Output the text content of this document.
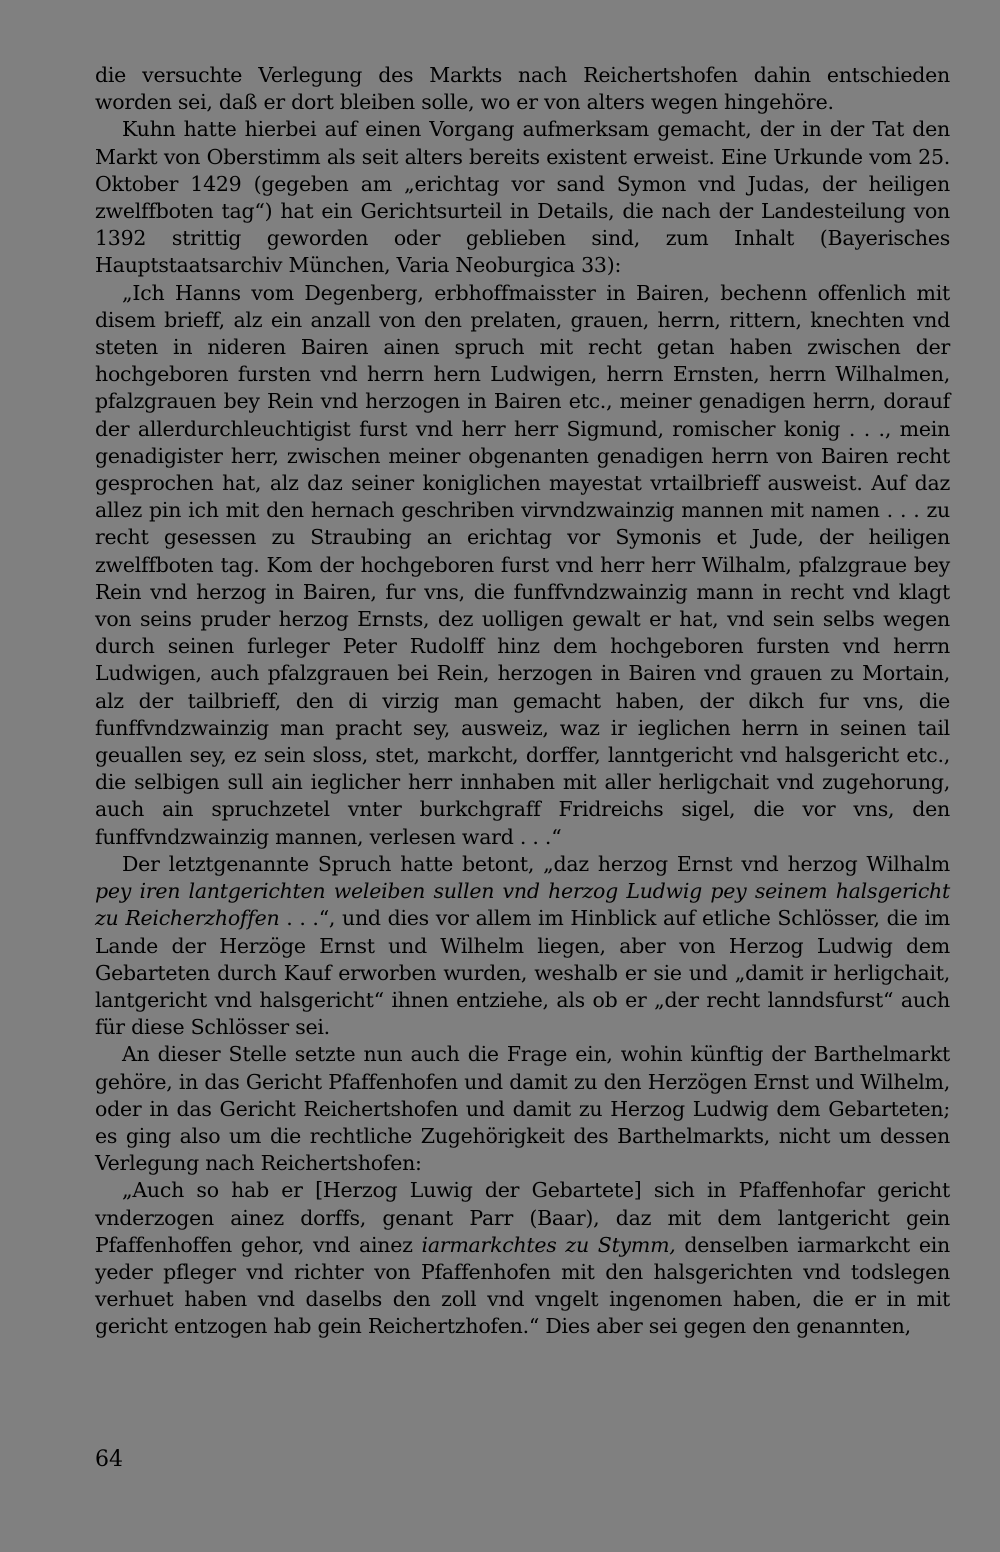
die versuchte Verlegung des Markts nach Reichertshofen dahin entschieden worden sei, daß er dort bleiben solle, wo er von alters wegen hingehöre.

Kuhn hatte hierbei auf einen Vorgang aufmerksam gemacht, der in der Tat den Markt von Oberstimm als seit alters bereits existent erweist. Eine Urkunde vom 25. Oktober 1429 (gegeben am „erichtag vor sand Symon vnd Judas, der heiligen zwelffboten tag“) hat ein Gerichtsurteil in Details, die nach der Landesteilung von 1392 strittig geworden oder geblieben sind, zum Inhalt (Bayerisches Hauptstaatsarchiv München, Varia Neoburgica 33):

„Ich Hanns vom Degenberg, erbhoffmaisster in Bairen, bechenn offenlich mit disem brieff, alz ein anzall von den prelaten, grauen, herrn, rittern, knechten vnd steten in nideren Bairen ainen spruch mit recht getan haben zwischen der hochgeboren fursten vnd herrn hern Ludwigen, herrn Ernsten, herrn Wilhalmen, pfalzgrauen bey Rein vnd herzogen in Bairen etc., meiner genadigen herrn, dorauf der allerdurchleuchtigist furst vnd herr herr Sigmund, romischer konig . . ., mein genadigister herr, zwischen meiner obgenanten genadigen herrn von Bairen recht gesprochen hat, alz daz seiner koniglichen mayestat vrtailbrieff ausweist. Auf daz allez pin ich mit den hernach geschriben virvndzwainzig mannen mit namen . . . zu recht gesessen zu Straubing an erichtag vor Symonis et Jude, der heiligen zwelffboten tag. Kom der hochgeboren furst vnd herr herr Wilhalm, pfalzgraue bey Rein vnd herzog in Bairen, fur vns, die funffvndzwainzig mann in recht vnd klagt von seins pruder herzog Ernsts, dez uolligen gewalt er hat, vnd sein selbs wegen durch seinen furleger Peter Rudolff hinz dem hochgeboren fursten vnd herrn Ludwigen, auch pfalzgrauen bei Rein, herzogen in Bairen vnd grauen zu Mortain, alz der tailbrieff, den di virzig man gemacht haben, der dikch fur vns, die funffvndzwainzig man pracht sey, ausweiz, waz ir ieglichen herrn in seinen tail geuallen sey, ez sein sloss, stet, markcht, dorffer, lanntgericht vnd halsgericht etc., die selbigen sull ain ieglicher herr innhaben mit aller herligchait vnd zugehorung, auch ain spruchzetel vnter burkchgraff Fridreichs sigel, die vor vns, den funffvndzwainzig mannen, verlesen ward . . .“

Der letztgenannte Spruch hatte betont, „daz herzog Ernst vnd herzog Wilhalm pey iren lantgerichten weleiben sullen vnd herzog Ludwig pey seinem halsgericht zu Reicherzhoffen . . .“, und dies vor allem im Hinblick auf etliche Schlösser, die im Lande der Herzöge Ernst und Wilhelm liegen, aber von Herzog Ludwig dem Gebarteten durch Kauf erworben wurden, weshalb er sie und „damit ir herligchait, lantgericht vnd halsgericht“ ihnen entziehe, als ob er „der recht lanndsfurst“ auch für diese Schlösser sei.

An dieser Stelle setzte nun auch die Frage ein, wohin künftig der Barthelmarkt gehöre, in das Gericht Pfaffenhofen und damit zu den Herzögen Ernst und Wilhelm, oder in das Gericht Reichertshofen und damit zu Herzog Ludwig dem Gebarteten; es ging also um die rechtliche Zugehörigkeit des Barthelmarkts, nicht um dessen Verlegung nach Reichertshofen:

„Auch so hab er [Herzog Luwig der Gebartete] sich in Pfaffenhofar gericht vnderzogen ainez dorffs, genant Parr (Baar), daz mit dem lantgericht gein Pfaffenhoffen gehor, vnd ainez iarmarkchtes zu Stymm, denselben iarmarkcht ein yeder pfleger vnd richter von Pfaffenhofen mit den halsgerichten vnd todslegen verhuet haben vnd daselbs den zoll vnd vngelt ingenomen haben, die er in mit gericht entzogen hab gein Reichertzhofen.“ Dies aber sei gegen den genannten,

64
